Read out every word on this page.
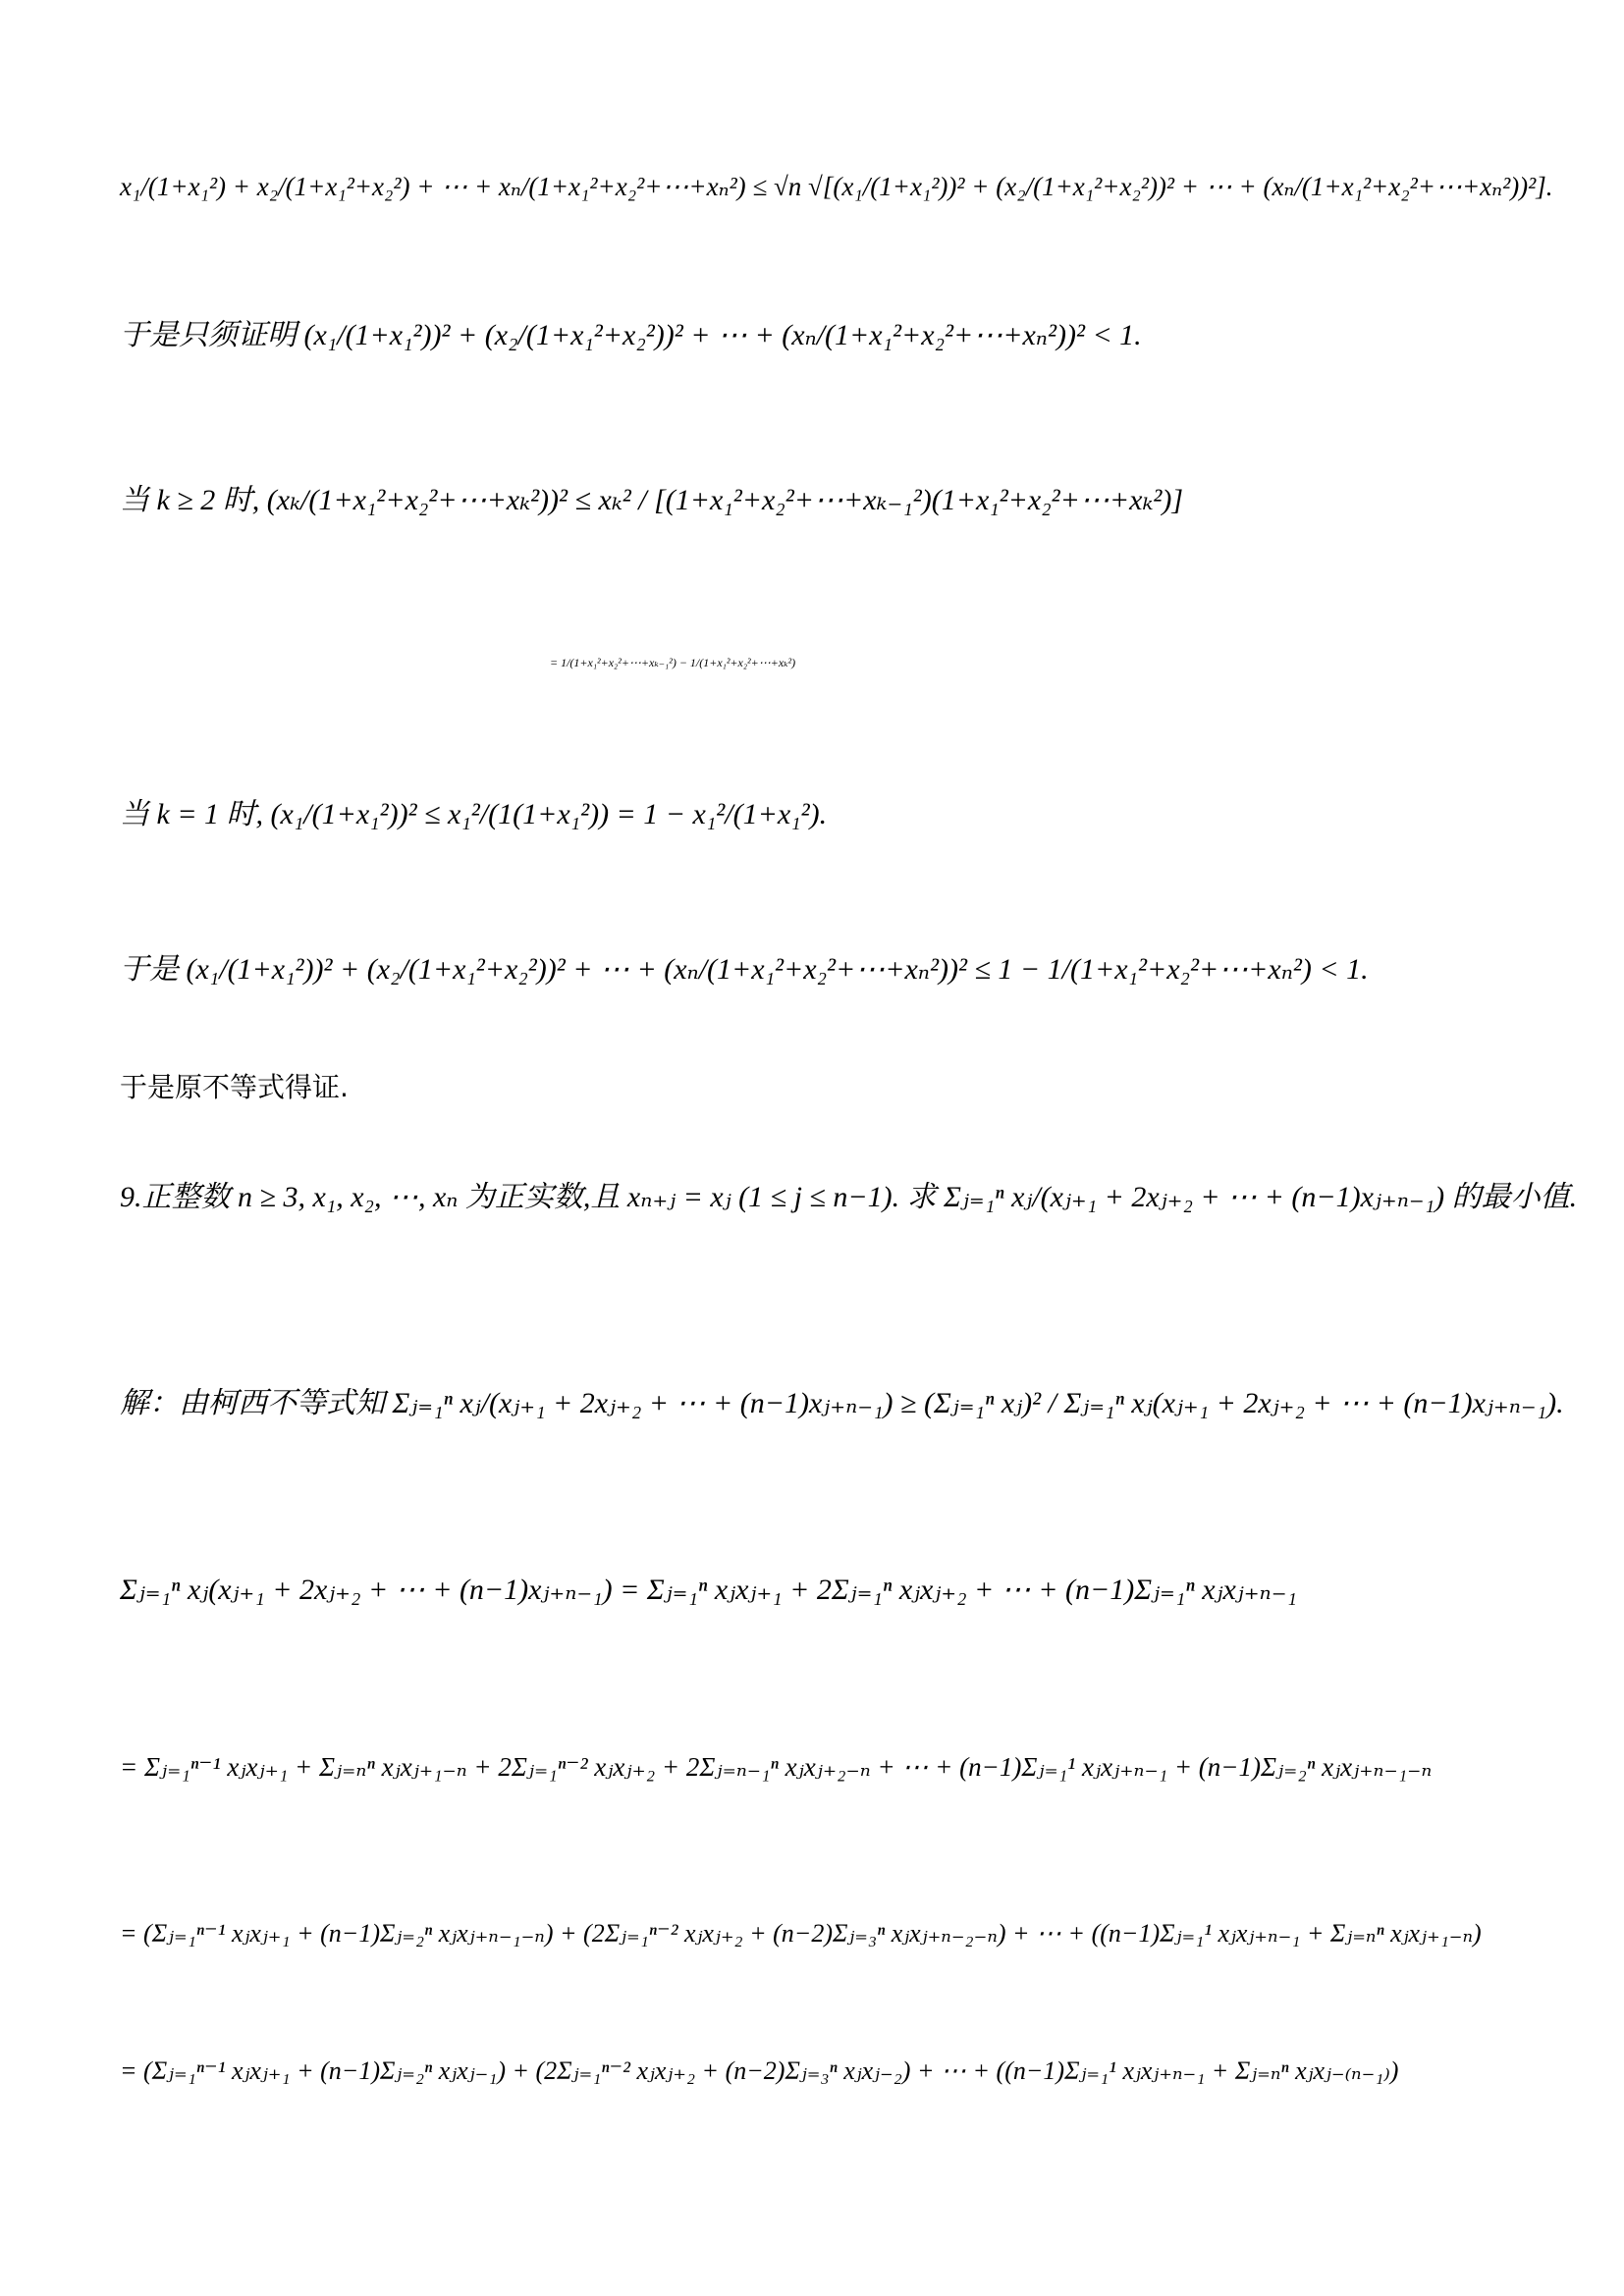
x₁/(1+x₁²) + x₂/(1+x₁²+x₂²) + ⋯ + xₙ/(1+x₁²+x₂²+⋯+xₙ²) ≤ √n √[(x₁/(1+x₁²))² + (x₂/(1+x₁²+x₂²))² + ⋯ + (xₙ/(1+x₁²+x₂²+⋯+xₙ²))²].
于是只须证明 (x₁/(1+x₁²))² + (x₂/(1+x₁²+x₂²))² + ⋯ + (xₙ/(1+x₁²+x₂²+⋯+xₙ²))² < 1.
当 k ≥ 2 时, (xₖ/(1+x₁²+x₂²+⋯+xₖ²))² ≤ xₖ² / [(1+x₁²+x₂²+⋯+xₖ₋₁²)(1+x₁²+x₂²+⋯+xₖ²)]
= 1/(1+x₁²+x₂²+⋯+xₖ₋₁²) − 1/(1+x₁²+x₂²+⋯+xₖ²)
当 k = 1 时, (x₁/(1+x₁²))² ≤ x₁²/(1(1+x₁²)) = 1 − x₁²/(1+x₁²).
于是 (x₁/(1+x₁²))² + (x₂/(1+x₁²+x₂²))² + ⋯ + (xₙ/(1+x₁²+x₂²+⋯+xₙ²))² ≤ 1 − 1/(1+x₁²+x₂²+⋯+xₙ²) < 1.
于是原不等式得证.
9.正整数 n ≥ 3, x₁, x₂, ⋯, xₙ 为正实数,且 xₙ₊ⱼ = xⱼ (1 ≤ j ≤ n−1). 求 Σⱼ₌₁ⁿ xⱼ/(xⱼ₊₁ + 2xⱼ₊₂ + ⋯ + (n−1)xⱼ₊ₙ₋₁) 的最小值.
解：由柯西不等式知 Σⱼ₌₁ⁿ xⱼ/(xⱼ₊₁ + 2xⱼ₊₂ + ⋯ + (n−1)xⱼ₊ₙ₋₁) ≥ (Σⱼ₌₁ⁿ xⱼ)² / Σⱼ₌₁ⁿ xⱼ(xⱼ₊₁ + 2xⱼ₊₂ + ⋯ + (n−1)xⱼ₊ₙ₋₁).
Σⱼ₌₁ⁿ xⱼ(xⱼ₊₁ + 2xⱼ₊₂ + ⋯ + (n−1)xⱼ₊ₙ₋₁) = Σⱼ₌₁ⁿ xⱼxⱼ₊₁ + 2Σⱼ₌₁ⁿ xⱼxⱼ₊₂ + ⋯ + (n−1)Σⱼ₌₁ⁿ xⱼxⱼ₊ₙ₋₁
= Σⱼ₌₁ⁿ⁻¹ xⱼxⱼ₊₁ + Σⱼ₌ₙⁿ xⱼxⱼ₊₁₋ₙ + 2Σⱼ₌₁ⁿ⁻² xⱼxⱼ₊₂ + 2Σⱼ₌ₙ₋₁ⁿ xⱼxⱼ₊₂₋ₙ + ⋯ + (n−1)Σⱼ₌₁¹ xⱼxⱼ₊ₙ₋₁ + (n−1)Σⱼ₌₂ⁿ xⱼxⱼ₊ₙ₋₁₋ₙ
= (Σⱼ₌₁ⁿ⁻¹ xⱼxⱼ₊₁ + (n−1)Σⱼ₌₂ⁿ xⱼxⱼ₊ₙ₋₁₋ₙ) + (2Σⱼ₌₁ⁿ⁻² xⱼxⱼ₊₂ + (n−2)Σⱼ₌₃ⁿ xⱼxⱼ₊ₙ₋₂₋ₙ) + ⋯ + ((n−1)Σⱼ₌₁¹ xⱼxⱼ₊ₙ₋₁ + Σⱼ₌ₙⁿ xⱼxⱼ₊₁₋ₙ)
= (Σⱼ₌₁ⁿ⁻¹ xⱼxⱼ₊₁ + (n−1)Σⱼ₌₂ⁿ xⱼxⱼ₋₁) + (2Σⱼ₌₁ⁿ⁻² xⱼxⱼ₊₂ + (n−2)Σⱼ₌₃ⁿ xⱼxⱼ₋₂) + ⋯ + ((n−1)Σⱼ₌₁¹ xⱼxⱼ₊ₙ₋₁ + Σⱼ₌ₙⁿ xⱼxⱼ₋₍ₙ₋₁₎)
